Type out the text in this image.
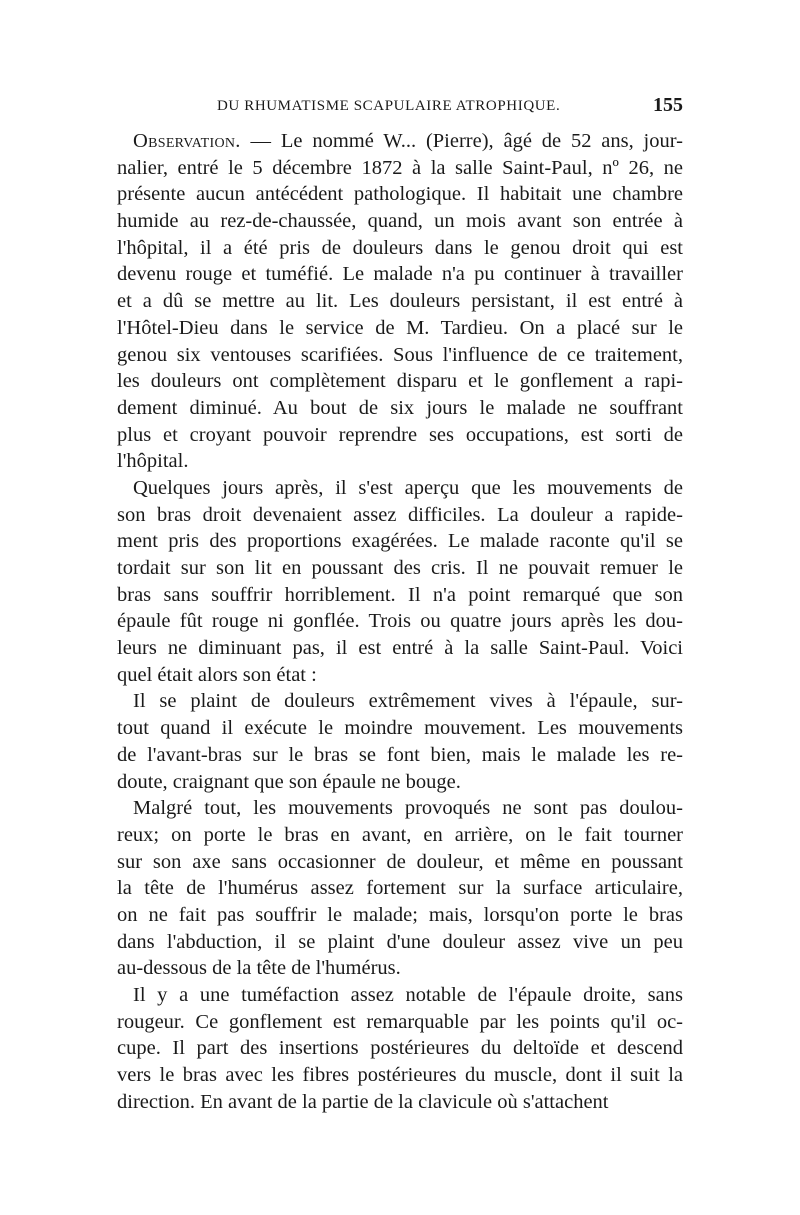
DU RHUMATISME SCAPULAIRE ATROPHIQUE.	155
Observation. — Le nommé W... (Pierre), âgé de 52 ans, jour-
nalier, entré le 5 décembre 1872 à la salle Saint-Paul, nº 26, ne
présente aucun antécédent pathologique. Il habitait une chambre
humide au rez-de-chaussée, quand, un mois avant son entrée à
l'hôpital, il a été pris de douleurs dans le genou droit qui est
devenu rouge et tuméfié. Le malade n'a pu continuer à travailler
et a dû se mettre au lit. Les douleurs persistant, il est entré à
l'Hôtel-Dieu dans le service de M. Tardieu. On a placé sur le
genou six ventouses scarifiées. Sous l'influence de ce traitement,
les douleurs ont complètement disparu et le gonflement a rapi-
dement diminué. Au bout de six jours le malade ne souffrant
plus et croyant pouvoir reprendre ses occupations, est sorti de
l'hôpital.
Quelques jours après, il s'est aperçu que les mouvements de
son bras droit devenaient assez difficiles. La douleur a rapide-
ment pris des proportions exagérées. Le malade raconte qu'il se
tordait sur son lit en poussant des cris. Il ne pouvait remuer le
bras sans souffrir horriblement. Il n'a point remarqué que son
épaule fût rouge ni gonflée. Trois ou quatre jours après les dou-
leurs ne diminuant pas, il est entré à la salle Saint-Paul. Voici
quel était alors son état :
Il se plaint de douleurs extrêmement vives à l'épaule, sur-
tout quand il exécute le moindre mouvement. Les mouvements
de l'avant-bras sur le bras se font bien, mais le malade les re-
doute, craignant que son épaule ne bouge.
Malgré tout, les mouvements provoqués ne sont pas doulou-
reux; on porte le bras en avant, en arrière, on le fait tourner
sur son axe sans occasionner de douleur, et même en poussant
la tête de l'humérus assez fortement sur la surface articulaire,
on ne fait pas souffrir le malade; mais, lorsqu'on porte le bras
dans l'abduction, il se plaint d'une douleur assez vive un peu
au-dessous de la tête de l'humérus.
Il y a une tuméfaction assez notable de l'épaule droite, sans
rougeur. Ce gonflement est remarquable par les points qu'il oc-
cupe. Il part des insertions postérieures du deltoïde et descend
vers le bras avec les fibres postérieures du muscle, dont il suit la
direction. En avant de la partie de la clavicule où s'attachent
